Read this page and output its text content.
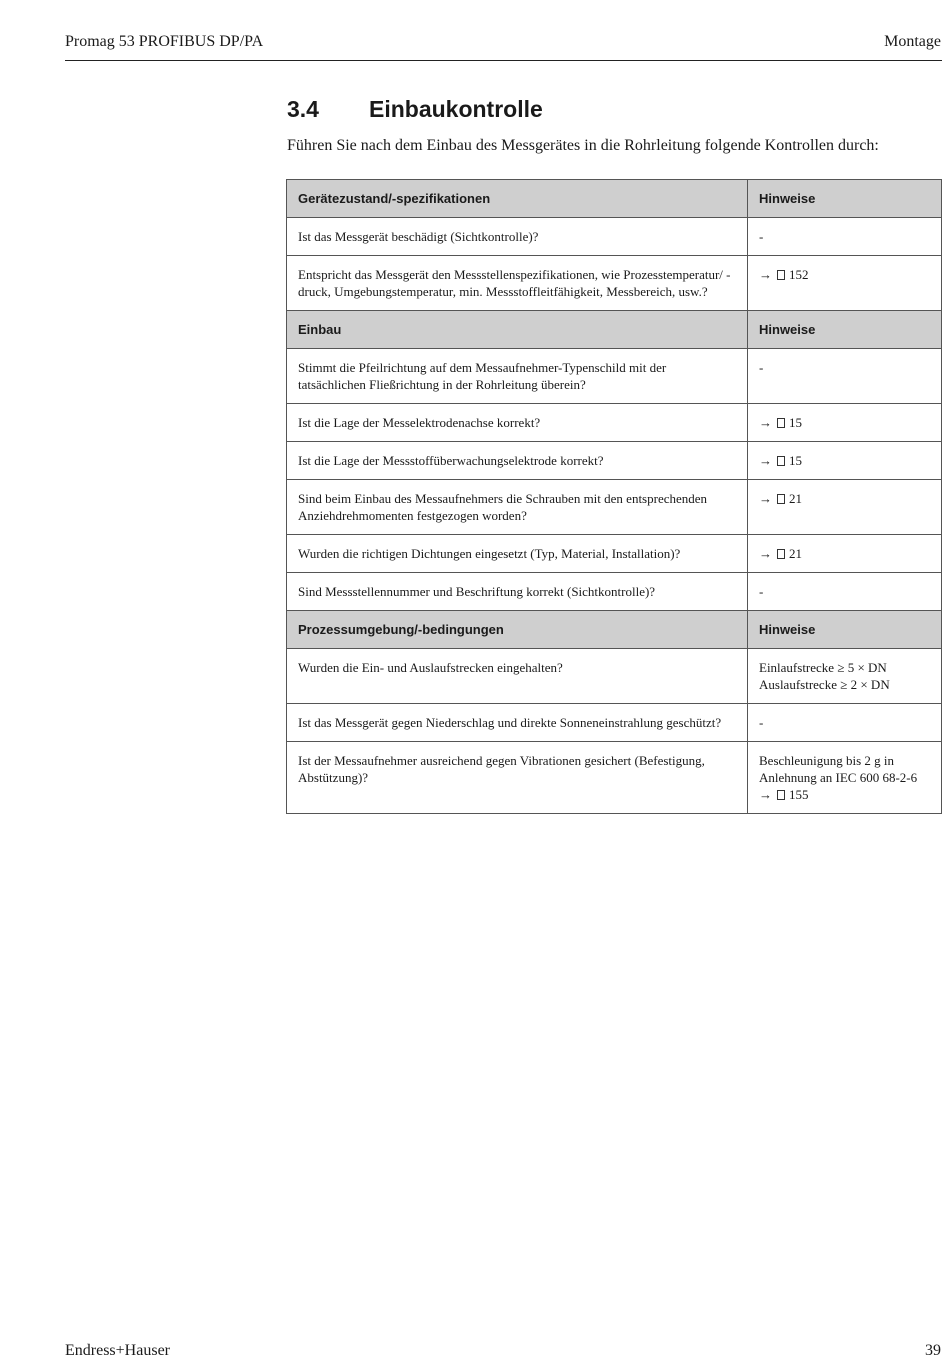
Promag 53 PROFIBUS DP/PA	Montage
3.4 Einbaukontrolle
Führen Sie nach dem Einbau des Messgerätes in die Rohrleitung folgende Kontrollen durch:
Gerätezustand/-spezifikationen	Hinweise
Ist das Messgerät beschädigt (Sichtkontrolle)?	-
Entspricht das Messgerät den Messstellenspezifikationen, wie Prozesstemperatur/ -druck, Umgebungstemperatur, min. Messstoffleitfähigkeit, Messbereich, usw.?	→ 152
Einbau	Hinweise
Stimmt die Pfeilrichtung auf dem Messaufnehmer-Typenschild mit der tatsächlichen Fließrichtung in der Rohrleitung überein?	-
Ist die Lage der Messelektrodenachse korrekt?	→ 15
Ist die Lage der Messstoffüberwachungselektrode korrekt?	→ 15
Sind beim Einbau des Messaufnehmers die Schrauben mit den entsprechenden Anziehdrehmomenten festgezogen worden?	→ 21
Wurden die richtigen Dichtungen eingesetzt (Typ, Material, Installation)?	→ 21
Sind Messstellennummer und Beschriftung korrekt (Sichtkontrolle)?	-
Prozessumgebung/-bedingungen	Hinweise
Wurden die Ein- und Auslaufstrecken eingehalten?	Einlaufstrecke ≥ 5 × DN
Auslaufstrecke ≥ 2 × DN

Ist das Messgerät gegen Niederschlag und direkte Sonneneinstrahlung geschützt?	-
Ist der Messaufnehmer ausreichend gegen Vibrationen gesichert (Befestigung, Abstützung)?	Beschleunigung bis 2 g in
Anlehnung an IEC 600 68-2-6
→ 155
Endress+Hauser	39
